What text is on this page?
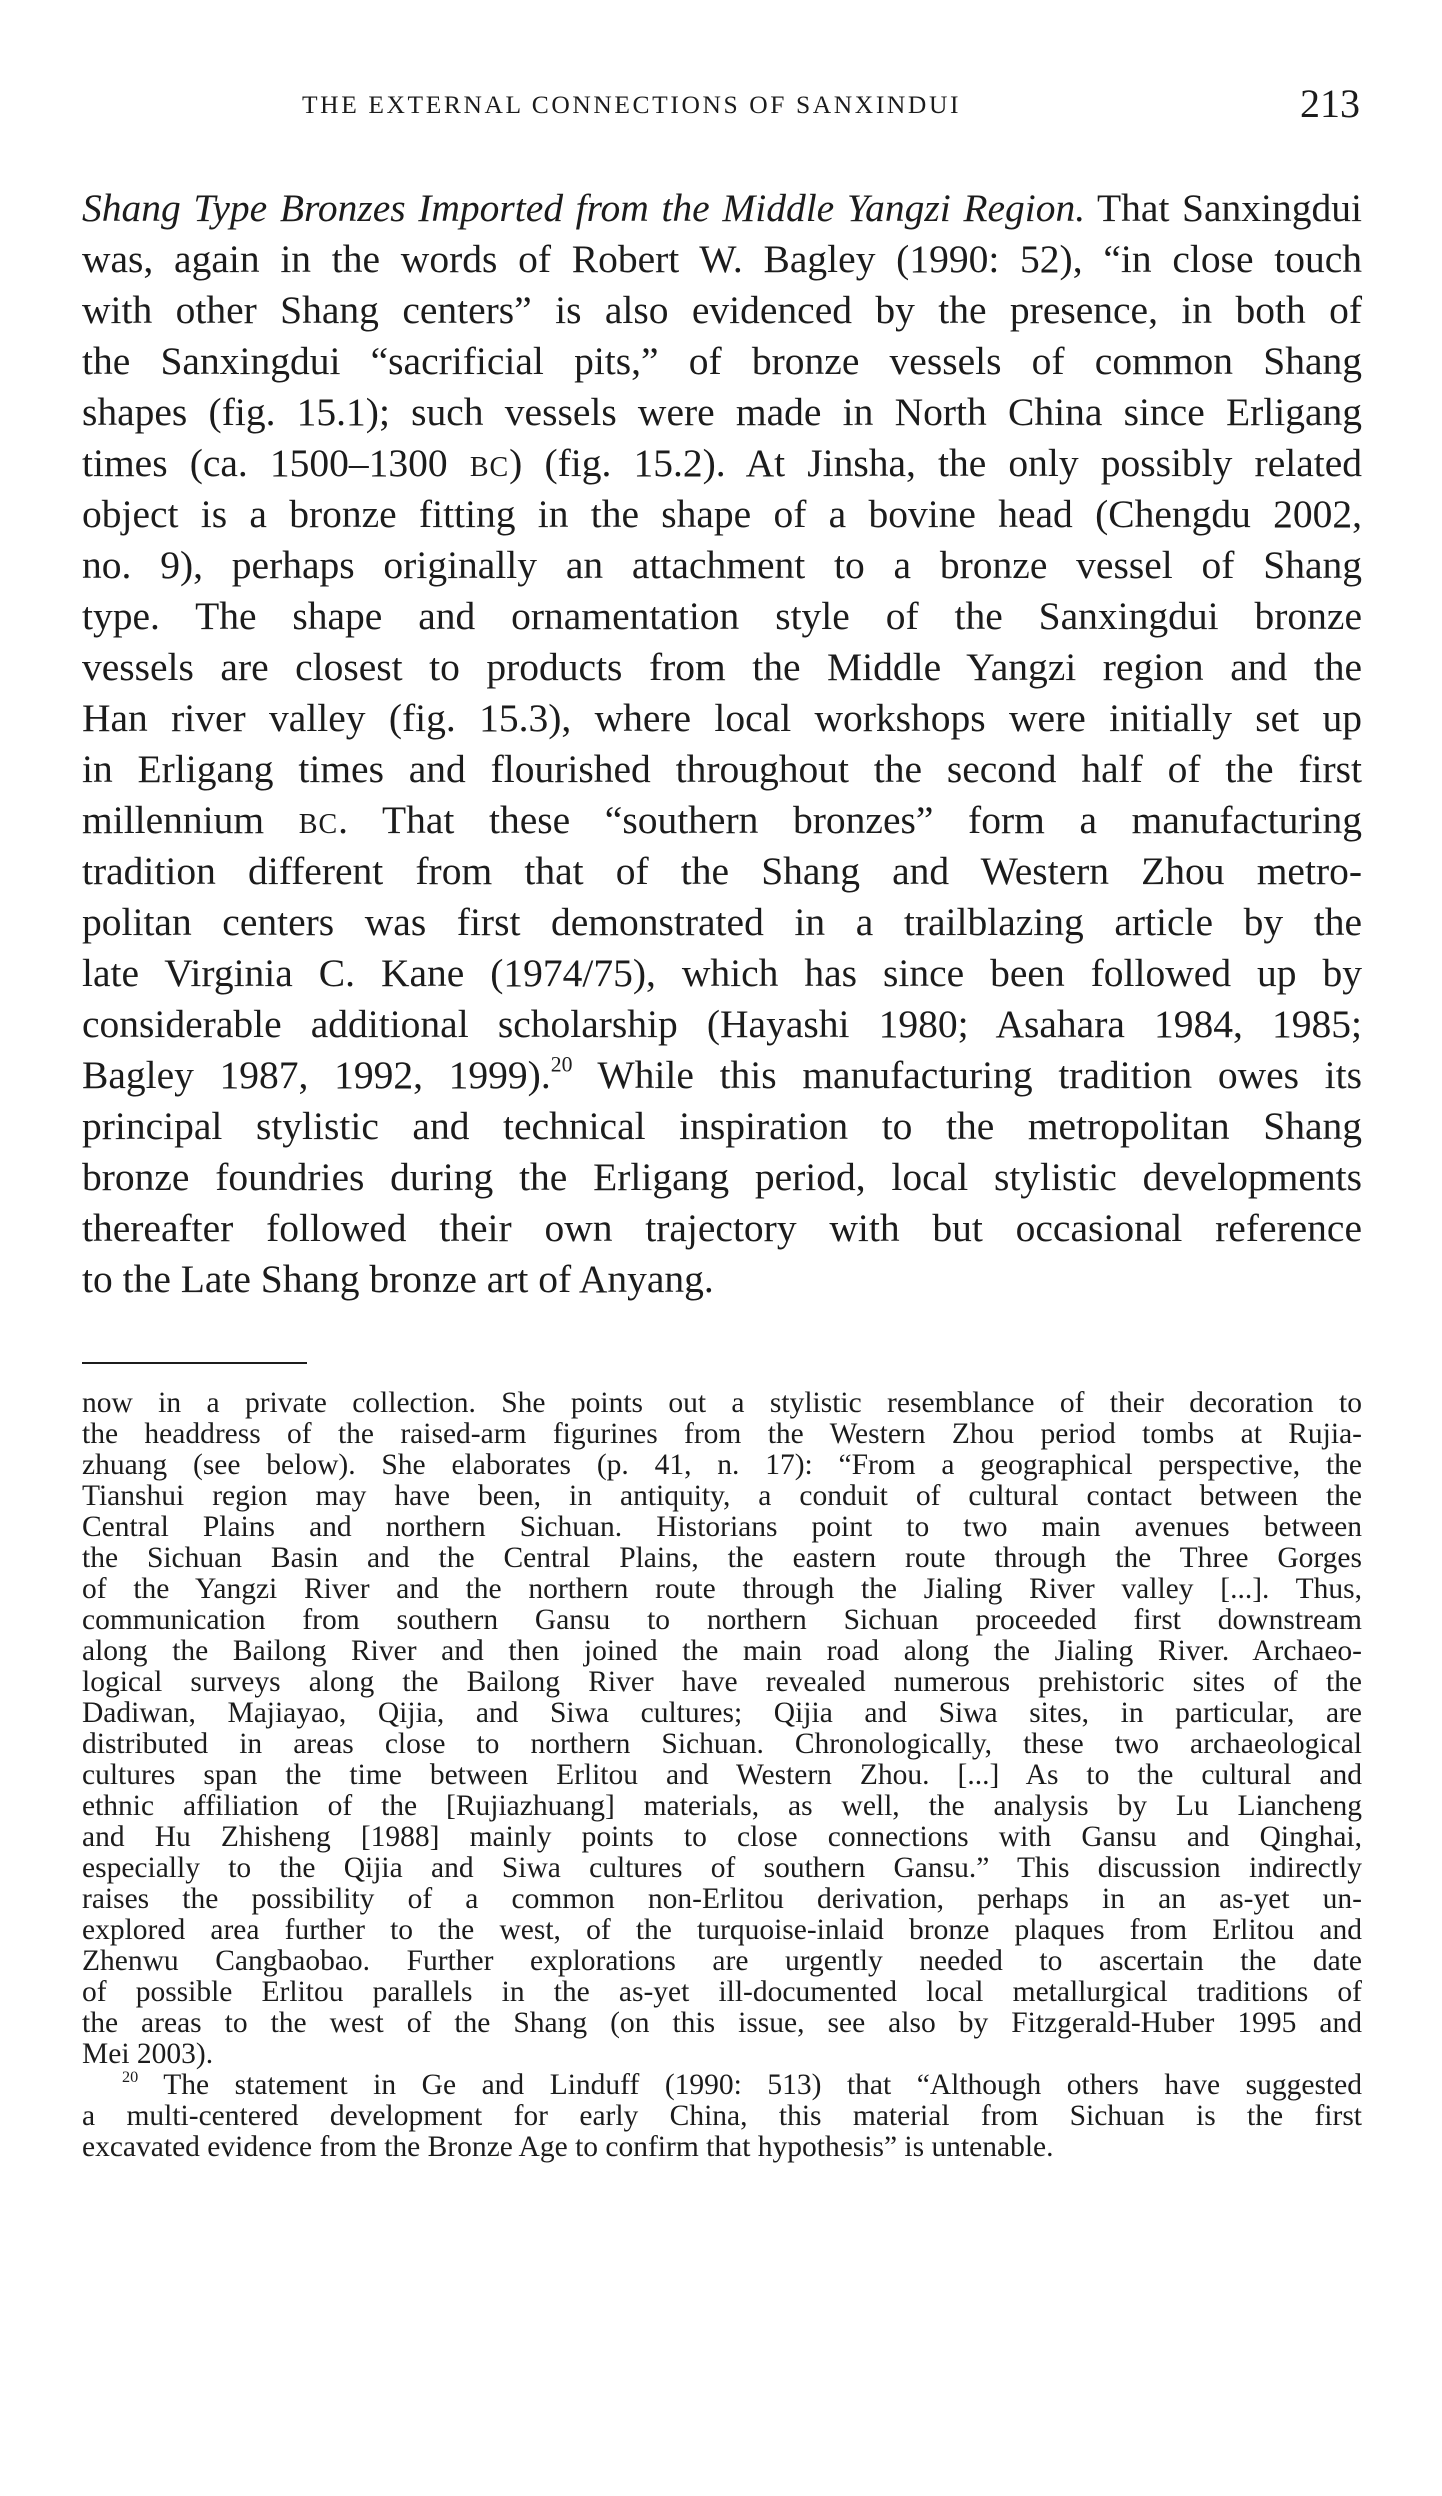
THE EXTERNAL CONNECTIONS OF SANXINDUI	213
Shang Type Bronzes Imported from the Middle Yangzi Region. That Sanxingdui
was, again in the words of Robert W. Bagley (1990: 52), “in close touch
with other Shang centers” is also evidenced by the presence, in both of
the Sanxingdui “sacrificial pits,” of bronze vessels of common Shang
shapes (fig. 15.1); such vessels were made in North China since Erligang
times (ca. 1500–1300 bc) (fig. 15.2). At Jinsha, the only possibly related
object is a bronze fitting in the shape of a bovine head (Chengdu 2002,
no. 9), perhaps originally an attachment to a bronze vessel of Shang
type. The shape and ornamentation style of the Sanxingdui bronze
vessels are closest to products from the Middle Yangzi region and the
Han river valley (fig. 15.3), where local workshops were initially set up
in Erligang times and flourished throughout the second half of the first
millennium bc. That these “southern bronzes” form a manufacturing
tradition different from that of the Shang and Western Zhou metro-
politan centers was first demonstrated in a trailblazing article by the
late Virginia C. Kane (1974/75), which has since been followed up by
considerable additional scholarship (Hayashi 1980; Asahara 1984, 1985;
Bagley 1987, 1992, 1999).$^{20}$ While this manufacturing tradition owes its
principal stylistic and technical inspiration to the metropolitan Shang
bronze foundries during the Erligang period, local stylistic developments
thereafter followed their own trajectory with but occasional reference
to the Late Shang bronze art of Anyang.
now in a private collection. She points out a stylistic resemblance of their decoration to
the headdress of the raised-arm figurines from the Western Zhou period tombs at Rujia-
zhuang (see below). She elaborates (p. 41, n. 17): “From a geographical perspective, the
Tianshui region may have been, in antiquity, a conduit of cultural contact between the
Central Plains and northern Sichuan. Historians point to two main avenues between
the Sichuan Basin and the Central Plains, the eastern route through the Three Gorges
of the Yangzi River and the northern route through the Jialing River valley [...]. Thus,
communication from southern Gansu to northern Sichuan proceeded first downstream
along the Bailong River and then joined the main road along the Jialing River. Archaeo-
logical surveys along the Bailong River have revealed numerous prehistoric sites of the
Dadiwan, Majiayao, Qijia, and Siwa cultures; Qijia and Siwa sites, in particular, are
distributed in areas close to northern Sichuan. Chronologically, these two archaeological
cultures span the time between Erlitou and Western Zhou. [...] As to the cultural and
ethnic affiliation of the [Rujiazhuang] materials, as well, the analysis by Lu Liancheng
and Hu Zhisheng [1988] mainly points to close connections with Gansu and Qinghai,
especially to the Qijia and Siwa cultures of southern Gansu.” This discussion indirectly
raises the possibility of a common non-Erlitou derivation, perhaps in an as-yet un-
explored area further to the west, of the turquoise-inlaid bronze plaques from Erlitou and
Zhenwu Cangbaobao. Further explorations are urgently needed to ascertain the date
of possible Erlitou parallels in the as-yet ill-documented local metallurgical traditions of
the areas to the west of the Shang (on this issue, see also by Fitzgerald-Huber 1995 and
Mei 2003).
$^{20}$ The statement in Ge and Linduff (1990: 513) that “Although others have suggested
a multi-centered development for early China, this material from Sichuan is the first
excavated evidence from the Bronze Age to confirm that hypothesis” is untenable.
